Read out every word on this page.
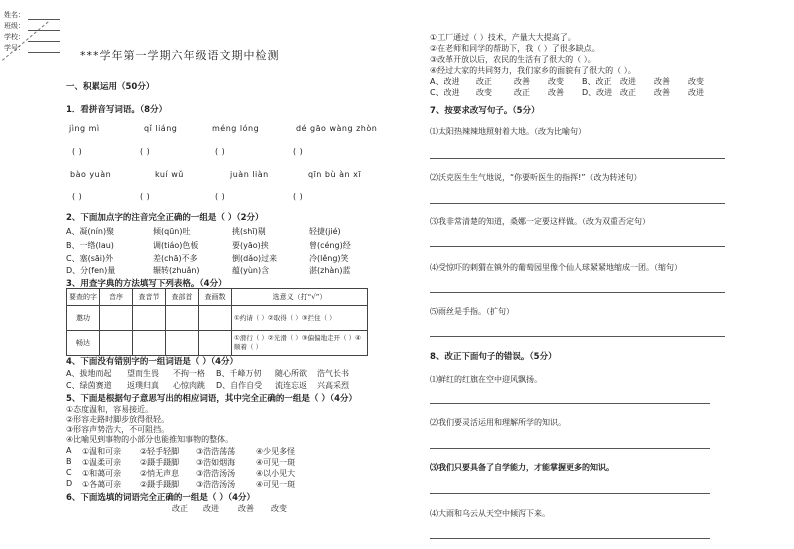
姓名：
班级：
学校：
学号：
***学年第一学期六年级语文期中检测
一、积累运用（50分）
1．看拼音写词语。（8分）
jìng mì	qǐ liáng	méng lóng	dé gāo wàng zhòn
( )	( )	( )	( )
bào yuàn	kuí wǔ	juàn liàn	qīn bù àn xī
( )	( )	( )	( )
2、下面加点字的注音完全正确的一组是（ ）（2分）
A、凝(nín)聚	倾(qūn)吐	挑(shī)剔	轻捷(jié)
B、一绺(lau)	调(tiáo)色板	要(yāo)挟	曾(céng)经
C、塞(sāi)外	差(chā)不多	倒(dǎo)过来	冷(lěng)笑
D、分(fen)量	辗转(zhuǎn)	蕴(yùn)含	湛(zhàn)蓝
3、用查字典的方法填写下列表格。（4分）
要查的字	音序	查音节	查部首	查画数	选意义（打“√”）
邀功					①约请（ ）②取得（ ）③拦住（ ）
畅达					①滑行（ ）②光滑（ ）③偏偏地走开（ ）④顺着（ ）
4、下面没有错别字的一组词语是（ ）（4分）
A、拔地而起 望而生畏 不拘一格 B、千峰万仞 随心所欲 浩气长书
C、绿茵赛道 返璞归真 心惊肉跳 D、自作自受 流连忘返 兴高采烈
5、下面是根据句子意思写出的相应词语，其中完全正确的一组是（ ）（4分）
①态度温和，容易接近。
②形容走路时脚步放得很轻。
③形容声势浩大，不可阻挡。
④比喻见到事物的小部分也能推知事物的整体。
A ①温和可亲 ②轻手轻脚 ③浩浩荡荡	④少见多怪
B ①温柔可亲 ②蹑手蹑脚 ③浩如烟海	④可见一斑
C ①和蔼可亲 ②悄无声息 ③浩浩汤汤	④以小见大
D ①各蔼可亲 ②蹑手蹑脚 ③浩浩汤汤	④可见一斑
6、下面选填的词语完全正确的一组是（ ）（4分）
改正 改进 改善 改变
①工厂通过（ ）技术，产量大大提高了。
②在老师和同学的帮助下，我（ ）了很多缺点。
③改革开放以后，农民的生活有了很大的（ ）。
④经过大家的共同努力，我们家乡的面貌有了很大的（ ）。
A、改进 改正	改善 改变 B、改正 改进 改善 改变
C、改进 改变	改正 改善 D、改进 改正 改善 改进
7、按要求改写句子。（5分）
⑴太阳热辣辣地照射着大地。（改为比喻句）
⑵沃克医生生气地说，“你要听医生的指挥!”（改为转述句）
⑶我非常清楚的知道，桑娜一定要这样做。（改为双重否定句）
⑷受惊吓的刺猬在镇外的葡萄园里像个仙人球紧紧地缩成一团。（缩句）
⑸雨丝是手指。（扩句）
8、改正下面句子的错误。（5分）
⑴鲜红的红旗在空中迎风飘扬。
⑵我们要灵活运用和理解所学的知识。
⑶我们只要具备了自学能力，才能掌握更多的知识。
⑷大雨和乌云从天空中倾泻下来。
